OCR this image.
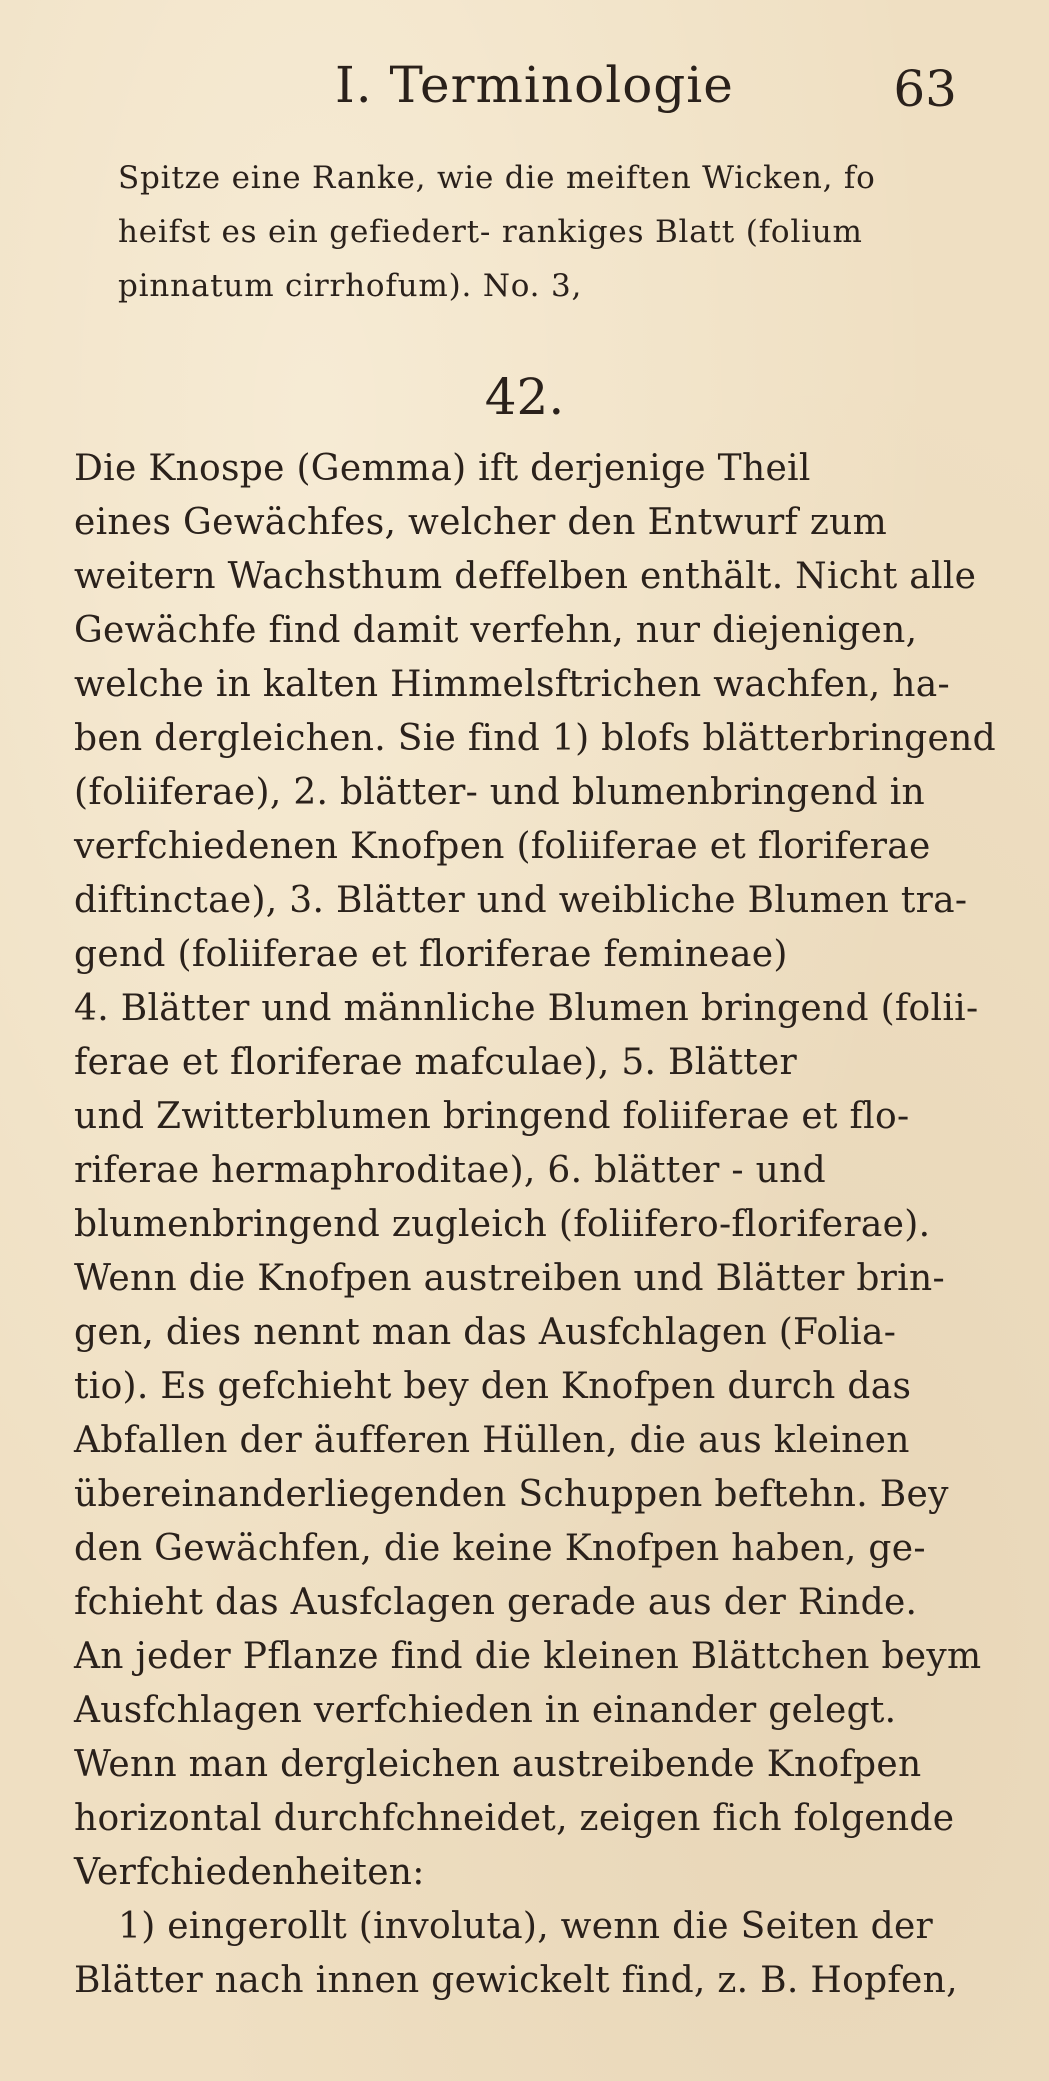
I. Terminologie	63
Spitze eine Ranke, wie die meiften Wicken, fo
heifst es ein gefiedert- rankiges Blatt (folium
pinnatum cirrhofum). No. 3,
42.
Die Knospe (Gemma) ift derjenige Theil
eines Gewächfes, welcher den Entwurf zum
weitern Wachsthum deffelben enthält. Nicht alle
Gewächfe find damit verfehn, nur diejenigen,
welche in kalten Himmelsftrichen wachfen, ha-
ben dergleichen. Sie find 1) blofs blätterbringend
(foliiferae), 2. blätter- und blumenbringend in
verfchiedenen Knofpen (foliiferae et floriferae
diftinctae), 3. Blätter und weibliche Blumen tra-
gend (foliiferae et floriferae femineae)
4. Blätter und männliche Blumen bringend (folii-
ferae et floriferae mafculae), 5. Blätter
und Zwitterblumen bringend foliiferae et flo-
riferae hermaphroditae), 6. blätter - und
blumenbringend zugleich (foliifero-floriferae).
Wenn die Knofpen austreiben und Blätter brin-
gen, dies nennt man das Ausfchlagen (Folia-
tio). Es gefchieht bey den Knofpen durch das
Abfallen der äufferen Hüllen, die aus kleinen
übereinanderliegenden Schuppen beftehn. Bey
den Gewächfen, die keine Knofpen haben, ge-
fchieht das Ausfclagen gerade aus der Rinde.
An jeder Pflanze find die kleinen Blättchen beym
Ausfchlagen verfchieden in einander gelegt.
Wenn man dergleichen austreibende Knofpen
horizontal durchfchneidet, zeigen fich folgende
Verfchiedenheiten:
1) eingerollt (involuta), wenn die Seiten der
Blätter nach innen gewickelt find, z. B. Hopfen,
